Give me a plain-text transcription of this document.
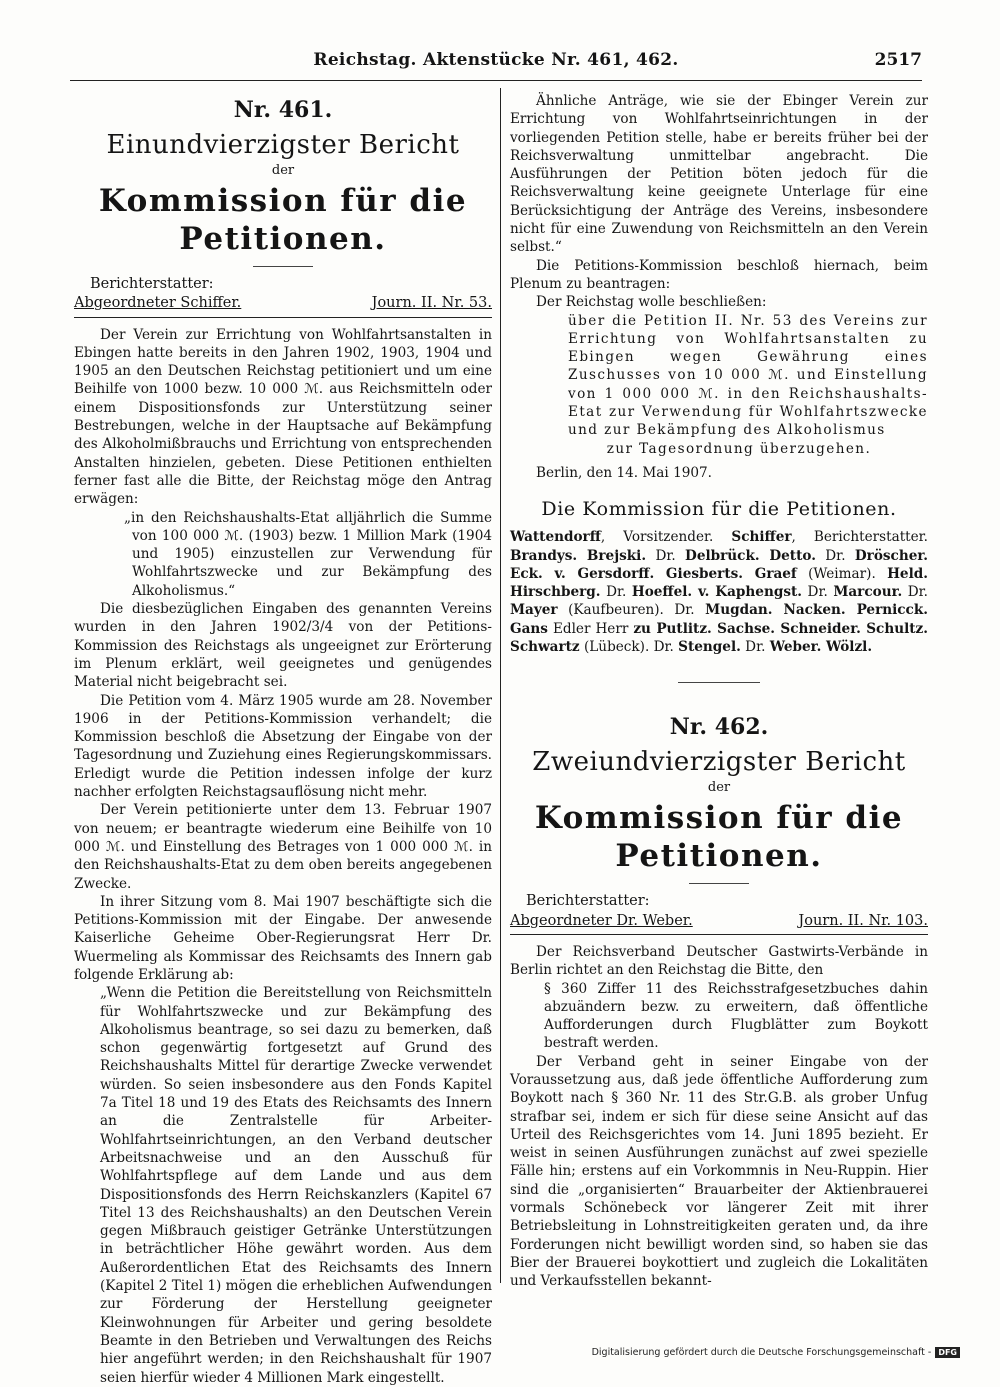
Reichstag. Aktenstücke Nr. 461, 462.	2517
Nr. 461.
Einundvierzigster Bericht
der
Kommission für die Petitionen.
Berichterstatter:
Abgeordneter Schiffer.	Journ. II. Nr. 53.

Der Verein zur Errichtung von Wohlfahrtsanstalten in Ebingen hatte bereits in den Jahren 1902, 1903, 1904 und 1905 an den Deutschen Reichstag petitioniert und um eine Beihilfe von 1000 bezw. 10 000 ℳ. aus Reichsmitteln oder einem Dispositionsfonds zur Unterstützung seiner Bestrebungen, welche in der Hauptsache auf Bekämpfung des Alkoholmißbrauchs und Errichtung von entsprechenden Anstalten hinzielen, gebeten. Diese Petitionen enthielten ferner fast alle die Bitte, der Reichstag möge den Antrag erwägen:

„in den Reichshaushalts-Etat alljährlich die Summe von 100 000 ℳ. (1903) bezw. 1 Million Mark (1904 und 1905) einzustellen zur Verwendung für Wohlfahrtszwecke und zur Bekämpfung des Alkoholismus.“

Die diesbezüglichen Eingaben des genannten Vereins wurden in den Jahren 1902/3/4 von der Petitions-Kommission des Reichstags als ungeeignet zur Erörterung im Plenum erklärt, weil geeignetes und genügendes Material nicht beigebracht sei.

Die Petition vom 4. März 1905 wurde am 28. November 1906 in der Petitions-Kommission verhandelt; die Kommission beschloß die Absetzung der Eingabe von der Tagesordnung und Zuziehung eines Regierungskommissars. Erledigt wurde die Petition indessen infolge der kurz nachher erfolgten Reichstagsauflösung nicht mehr.

Der Verein petitionierte unter dem 13. Februar 1907 von neuem; er beantragte wiederum eine Beihilfe von 10 000 ℳ. und Einstellung des Betrages von 1 000 000 ℳ. in den Reichshaushalts-Etat zu dem oben bereits angegebenen Zwecke.

In ihrer Sitzung vom 8. Mai 1907 beschäftigte sich die Petitions-Kommission mit der Eingabe. Der anwesende Kaiserliche Geheime Ober-Regierungsrat Herr Dr. Wuermeling als Kommissar des Reichsamts des Innern gab folgende Erklärung ab:

„Wenn die Petition die Bereitstellung von Reichsmitteln für Wohlfahrtszwecke und zur Bekämpfung des Alkoholismus beantrage, so sei dazu zu bemerken, daß schon gegenwärtig fortgesetzt auf Grund des Reichshaushalts Mittel für derartige Zwecke verwendet würden. So seien insbesondere aus den Fonds Kapitel 7a Titel 18 und 19 des Etats des Reichsamts des Innern an die Zentralstelle für Arbeiter-Wohlfahrtseinrichtungen, an den Verband deutscher Arbeitsnachweise und an den Ausschuß für Wohlfahrtspflege auf dem Lande und aus dem Dispositionsfonds des Herrn Reichskanzlers (Kapitel 67 Titel 13 des Reichshaushalts) an den Deutschen Verein gegen Mißbrauch geistiger Getränke Unterstützungen in beträchtlicher Höhe gewährt worden. Aus dem Außerordentlichen Etat des Reichsamts des Innern (Kapitel 2 Titel 1) mögen die erheblichen Aufwendungen zur Förderung der Herstellung geeigneter Kleinwohnungen für Arbeiter und gering besoldete Beamte in den Betrieben und Verwaltungen des Reichs hier angeführt werden; in den Reichshaushalt für 1907 seien hierfür wieder 4 Millionen Mark eingestellt.

Ähnliche Anträge, wie sie der Ebinger Verein zur Errichtung von Wohlfahrtseinrichtungen in der vorliegenden Petition stelle, habe er bereits früher bei der Reichsverwaltung unmittelbar angebracht. Die Ausführungen der Petition böten jedoch für die Reichsverwaltung keine geeignete Unterlage für eine Berücksichtigung der Anträge des Vereins, insbesondere nicht für eine Zuwendung von Reichsmitteln an den Verein selbst.“

Die Petitions-Kommission beschloß hiernach, beim Plenum zu beantragen:

Der Reichstag wolle beschließen:

über die Petition II. Nr. 53 des Vereins zur Errichtung von Wohlfahrtsanstalten zu Ebingen wegen Gewährung eines Zuschusses von 10 000 ℳ. und Einstellung von 1 000 000 ℳ. in den Reichshaushalts-Etat zur Verwendung für Wohlfahrtszwecke und zur Bekämpfung des Alkoholismus

zur Tagesordnung überzugehen.

Berlin, den 14. Mai 1907.

Die Kommission für die Petitionen.

Wattendorff, Vorsitzender. Schiffer, Berichterstatter. Brandys. Brejski. Dr. Delbrück. Detto. Dr. Dröscher. Eck. v. Gersdorff. Giesberts. Graef (Weimar). Held. Hirschberg. Dr. Hoeffel. v. Kaphengst. Dr. Marcour. Dr. Mayer (Kaufbeuren). Dr. Mugdan. Nacken. Pernicck. Gans Edler Herr zu Putlitz. Sachse. Schneider. Schultz. Schwartz (Lübeck). Dr. Stengel. Dr. Weber. Wölzl.

Nr. 462.
Zweiundvierzigster Bericht
der
Kommission für die Petitionen.
Berichterstatter:
Abgeordneter Dr. Weber.	Journ. II. Nr. 103.

Der Reichsverband Deutscher Gastwirts-Verbände in Berlin richtet an den Reichstag die Bitte, den

§ 360 Ziffer 11 des Reichsstrafgesetzbuches dahin abzuändern bezw. zu erweitern, daß öffentliche Aufforderungen durch Flugblätter zum Boykott bestraft werden.

Der Verband geht in seiner Eingabe von der Voraussetzung aus, daß jede öffentliche Aufforderung zum Boykott nach § 360 Nr. 11 des Str.G.B. als grober Unfug strafbar sei, indem er sich für diese seine Ansicht auf das Urteil des Reichsgerichtes vom 14. Juni 1895 bezieht. Er weist in seinen Ausführungen zunächst auf zwei spezielle Fälle hin; erstens auf ein Vorkommnis in Neu-Ruppin. Hier sind die „organisierten“ Brauarbeiter der Aktienbrauerei vormals Schönebeck vor längerer Zeit mit ihrer Betriebsleitung in Lohnstreitigkeiten geraten und, da ihre Forderungen nicht bewilligt worden sind, so haben sie das Bier der Brauerei boykottiert und zugleich die Lokalitäten und Verkaufsstellen bekannt-

Digitalisierung gefördert durch die Deutsche Forschungsgemeinschaft - DFG
